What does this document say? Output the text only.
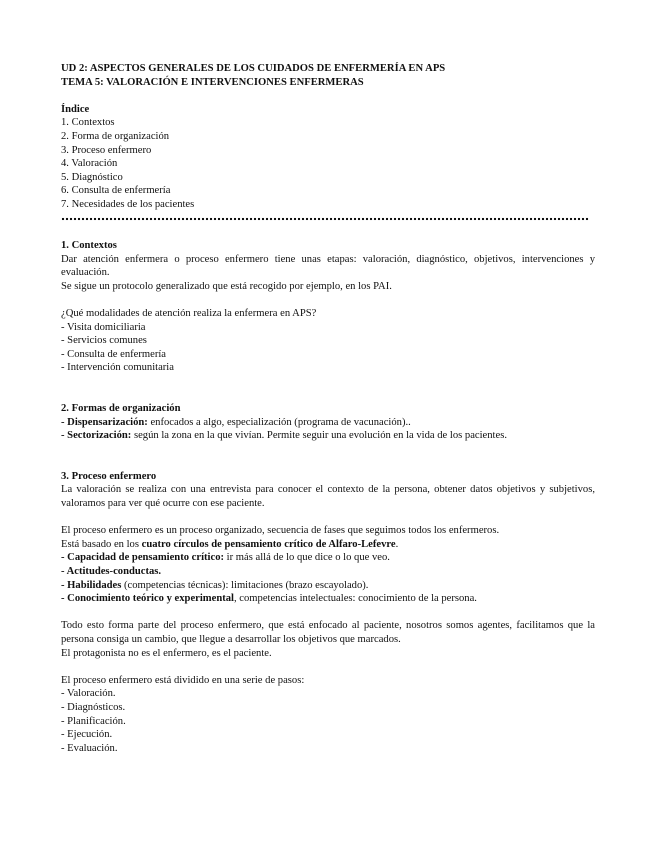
UD 2: ASPECTOS GENERALES DE LOS CUIDADOS DE ENFERMERÍA EN APS
TEMA 5: VALORACIÓN E INTERVENCIONES ENFERMERAS
Índice
1. Contextos
2. Forma de organización
3. Proceso enfermero
4. Valoración
5. Diagnóstico
6. Consulta de enfermería
7. Necesidades de los pacientes
1. Contextos
Dar atención enfermera o proceso enfermero tiene unas etapas: valoración, diagnóstico, objetivos, intervenciones y evaluación.
Se sigue un protocolo generalizado que está recogido por ejemplo, en los PAI.
¿Qué modalidades de atención realiza la enfermera en APS?
- Visita domiciliaria
- Servicios comunes
- Consulta de enfermería
- Intervención comunitaria
2. Formas de organización
- Dispensarización: enfocados a algo, especialización (programa de vacunación)..
- Sectorización: según la zona en la que vivían. Permite seguir una evolución en la vida de los pacientes.
3. Proceso enfermero
La valoración se realiza con una entrevista para conocer el contexto de la persona, obtener datos objetivos y subjetivos, valoramos para ver qué ocurre con ese paciente.
El proceso enfermero es un proceso organizado, secuencia de fases que seguimos todos los enfermeros.
Está basado en los cuatro círculos de pensamiento crítico de Alfaro-Lefevre.
- Capacidad de pensamiento crítico: ir más allá de lo que dice o lo que veo.
- Actitudes-conductas.
- Habilidades (competencias técnicas): limitaciones (brazo escayolado).
- Conocimiento teórico y experimental, competencias intelectuales: conocimiento de la persona.
Todo esto forma parte del proceso enfermero, que está enfocado al paciente, nosotros somos agentes, facilitamos que la persona consiga un cambio, que llegue a desarrollar los objetivos que marcados.
El protagonista no es el enfermero, es el paciente.
El proceso enfermero está dividido en una serie de pasos:
- Valoración.
- Diagnósticos.
- Planificación.
- Ejecución.
- Evaluación.
